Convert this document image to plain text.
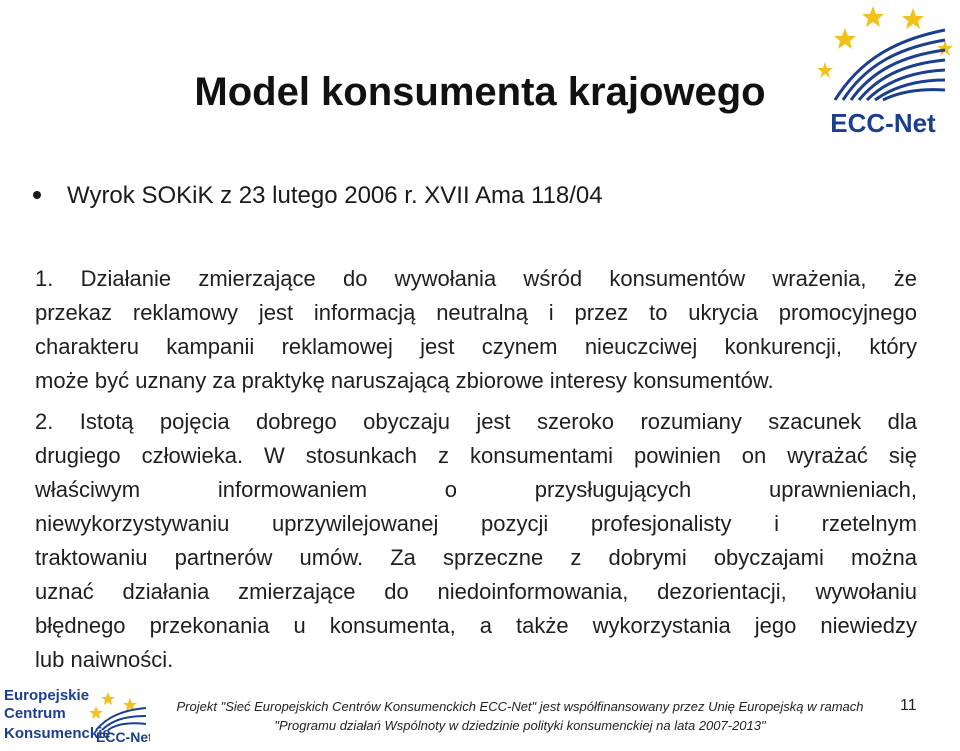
ECC-Net
Model konsumenta krajowego
Wyrok SOKiK z 23 lutego 2006 r. XVII Ama 118/04
1. Działanie zmierzające do wywołania wśród konsumentów wrażenia, że
przekaz reklamowy jest informacją neutralną i przez to ukrycia promocyjnego
charakteru kampanii reklamowej jest czynem nieuczciwej konkurencji, który
może być uznany za praktykę naruszającą zbiorowe interesy konsumentów.
2. Istotą pojęcia dobrego obyczaju jest szeroko rozumiany szacunek dla
drugiego człowieka. W stosunkach z konsumentami powinien on wyrażać się
właściwym informowaniem o przysługujących uprawnieniach,
niewykorzystywaniu uprzywilejowanej pozycji profesjonalisty i rzetelnym
traktowaniu partnerów umów. Za sprzeczne z dobrymi obyczajami można
uznać działania zmierzające do niedoinformowania, dezorientacji, wywołaniu
błędnego przekonania u konsumenta, a także wykorzystania jego niewiedzy
lub naiwności.
Europejskie
Centrum
Konsumenckie
ECC-Net
Projekt "Sieć Europejskich Centrów Konsumenckich ECC-Net" jest współfinansowany przez Unię Europejską w ramach
"Programu działań Wspólnoty w dziedzinie polityki konsumenckiej na lata 2007-2013"
11
